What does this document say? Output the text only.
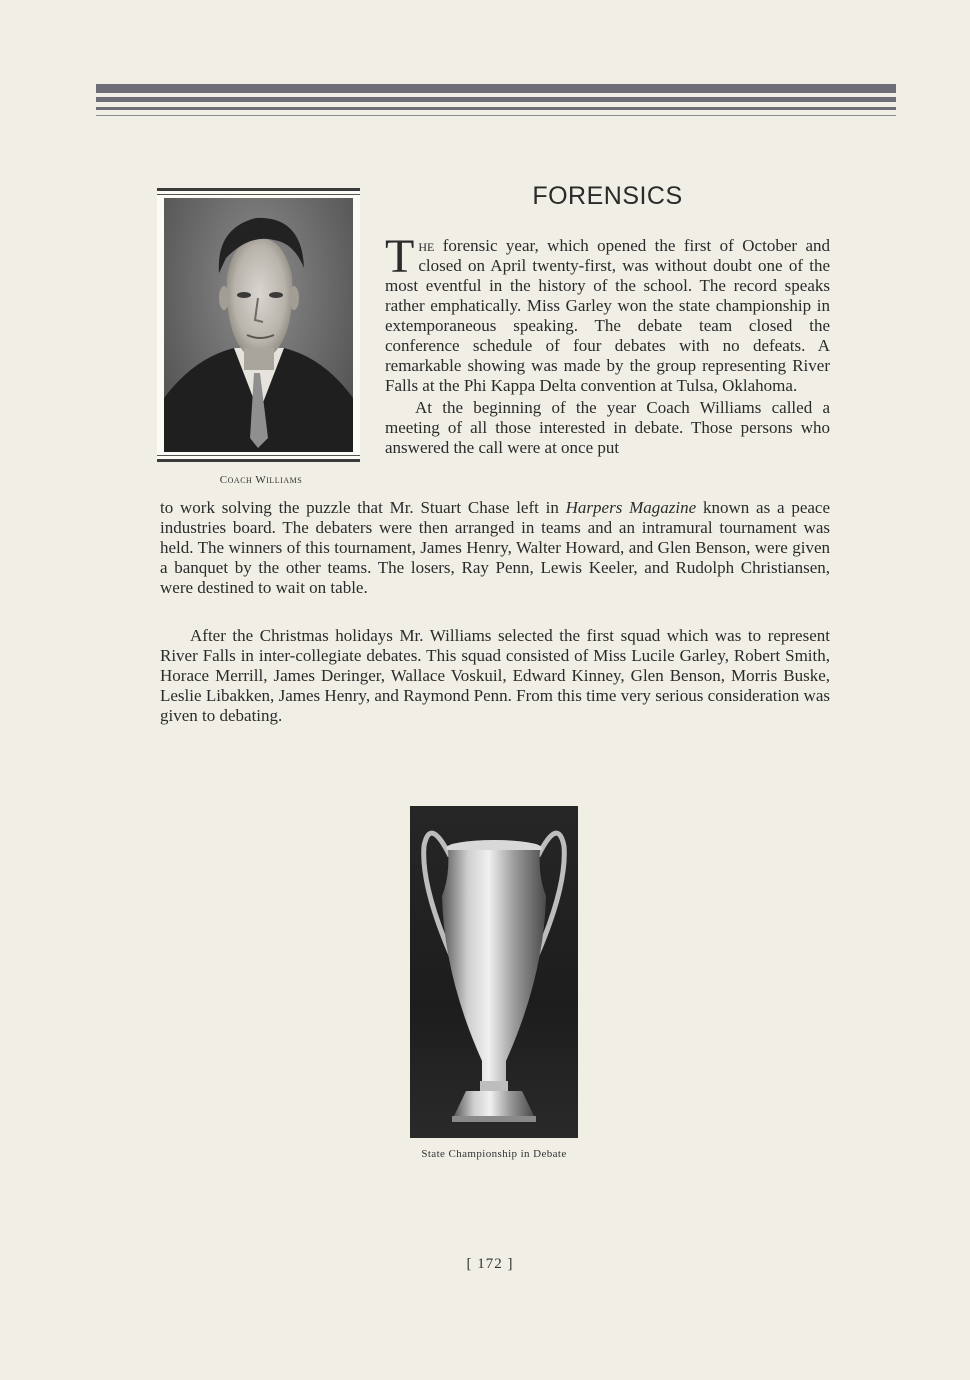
Coach Williams
FORENSICS

The forensic year, which opened the first of October and closed on April twenty-first, was without doubt one of the most eventful in the history of the school. The record speaks rather emphatically. Miss Garley won the state championship in extemporaneous speaking. The debate team closed the conference schedule of four debates with no defeats. A remarkable showing was made by the group representing River Falls at the Phi Kappa Delta convention at Tulsa, Oklahoma.

At the beginning of the year Coach Williams called a meeting of all those interested in debate. Those persons who answered the call were at once put

to work solving the puzzle that Mr. Stuart Chase left in Harpers Magazine known as a peace industries board. The debaters were then arranged in teams and an intramural tournament was held. The winners of this tournament, James Henry, Walter Howard, and Glen Benson, were given a banquet by the other teams. The losers, Ray Penn, Lewis Keeler, and Rudolph Christiansen, were destined to wait on table.

After the Christmas holidays Mr. Williams selected the first squad which was to represent River Falls in inter-collegiate debates. This squad consisted of Miss Lucile Garley, Robert Smith, Horace Merrill, James Deringer, Wallace Voskuil, Edward Kinney, Glen Benson, Morris Buske, Leslie Libakken, James Henry, and Raymond Penn. From this time very serious consideration was given to debating.

State Championship in Debate
[ 172 ]
